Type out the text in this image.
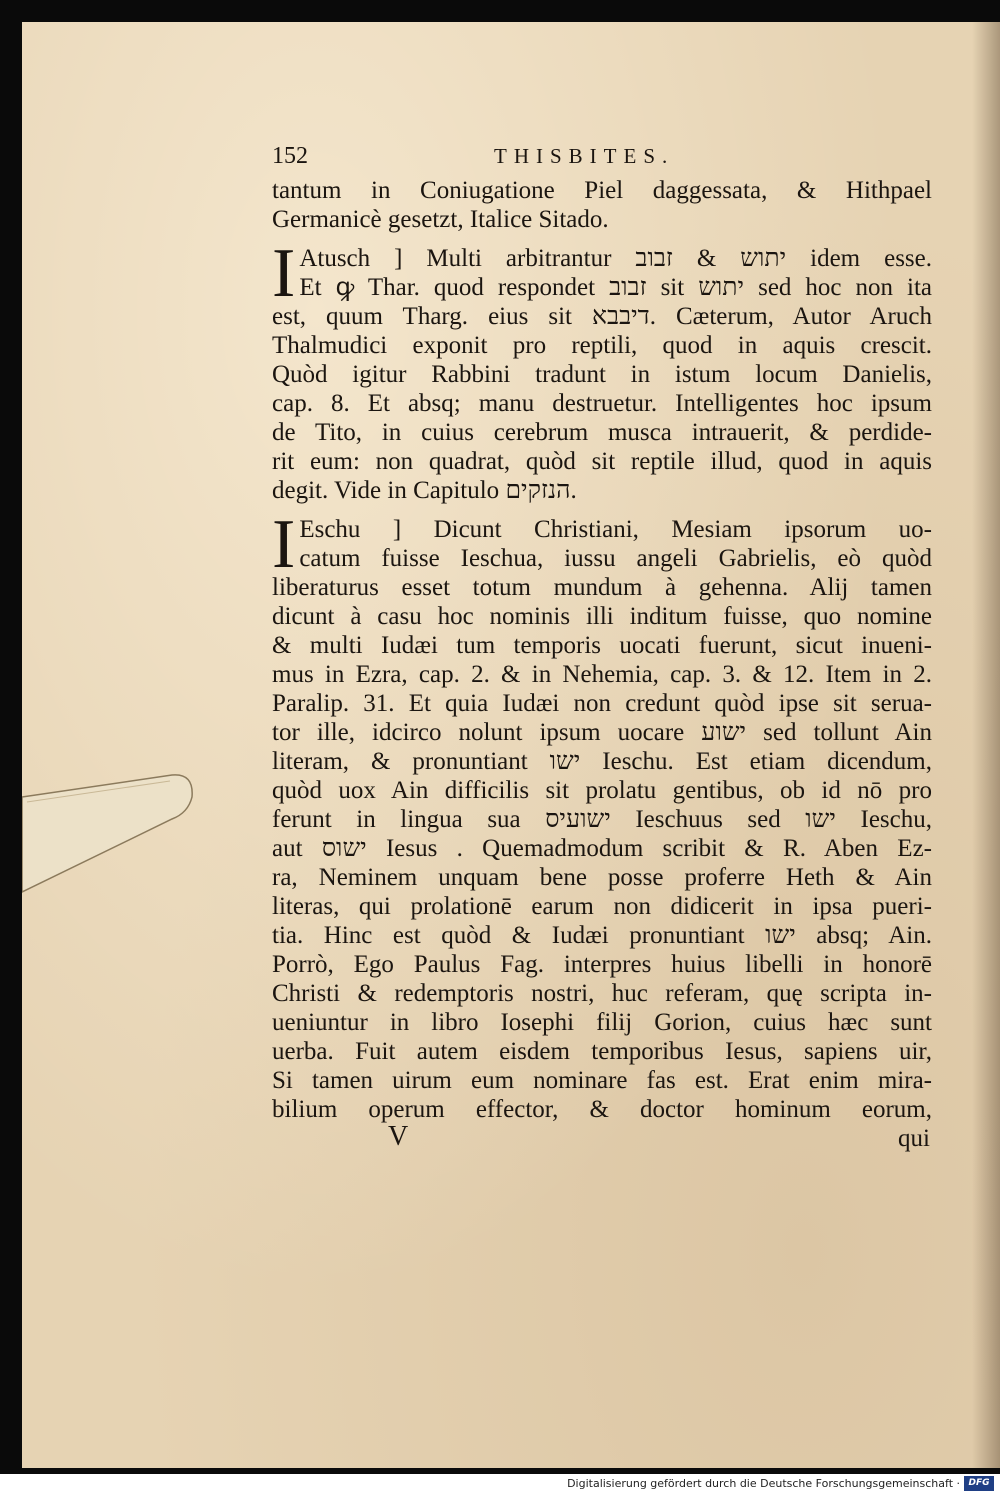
152	THISBITES.
tantum in Coniugatione Piel daggessata, & Hithpael
Germanicè gesetzt, Italice Sitado.
I Atusch ] Multi arbitrantur יתוש & זבוב idem esse.
Et ꝙ Thar. quod respondet זבוב sit יתוש sed hoc non ita
est, quum Tharg. eius sit דיבבא. Cæterum, Autor Aruch
Thalmudici exponit pro reptili, quod in aquis crescit.
Quòd igitur Rabbini tradunt in istum locum Danielis,
cap. 8. Et absq; manu destruetur. Intelligentes hoc ipsum
de Tito, in cuius cerebrum musca intrauerit, & perdide-
rit eum: non quadrat, quòd sit reptile illud, quod in aquis
degit. Vide in Capitulo הנזקים.
I Eschu ] Dicunt Christiani, Mesiam ipsorum uo-
catum fuisse Ieschua, iussu angeli Gabrielis, eò quòd
liberaturus esset totum mundum à gehenna. Alij tamen
dicunt à casu hoc nominis illi inditum fuisse, quo nomine
& multi Iudæi tum temporis uocati fuerunt, sicut inueni-
mus in Ezra, cap. 2. & in Nehemia, cap. 3. & 12. Item in 2.
Paralip. 31. Et quia Iudæi non credunt quòd ipse sit serua-
tor ille, idcirco nolunt ipsum uocare ישוע sed tollunt Ain
literam, & pronuntiant ישו Ieschu. Est etiam dicendum,
quòd uox Ain difficilis sit prolatu gentibus, ob id nō pro
ferunt in lingua sua ישועיס Ieschuus sed ישו Ieschu,
aut ישוס Iesus . Quemadmodum scribit & R. Aben Ez-
ra, Neminem unquam bene posse proferre Heth & Ain
literas, qui prolationē earum non didicerit in ipsa pueri-
tia. Hinc est quòd & Iudæi pronuntiant ישו absq; Ain.
Porrò, Ego Paulus Fag. interpres huius libelli in honorē
Christi & redemptoris nostri, huc referam, quę scripta in-
ueniuntur in libro Iosephi filij Gorion, cuius hæc sunt
uerba. Fuit autem eisdem temporibus Iesus, sapiens uir,
Si tamen uirum eum nominare fas est. Erat enim mira-
bilium operum effector, & doctor hominum eorum,
V	qui
Digitalisierung gefördert durch die Deutsche Forschungsgemeinschaft · DFG
